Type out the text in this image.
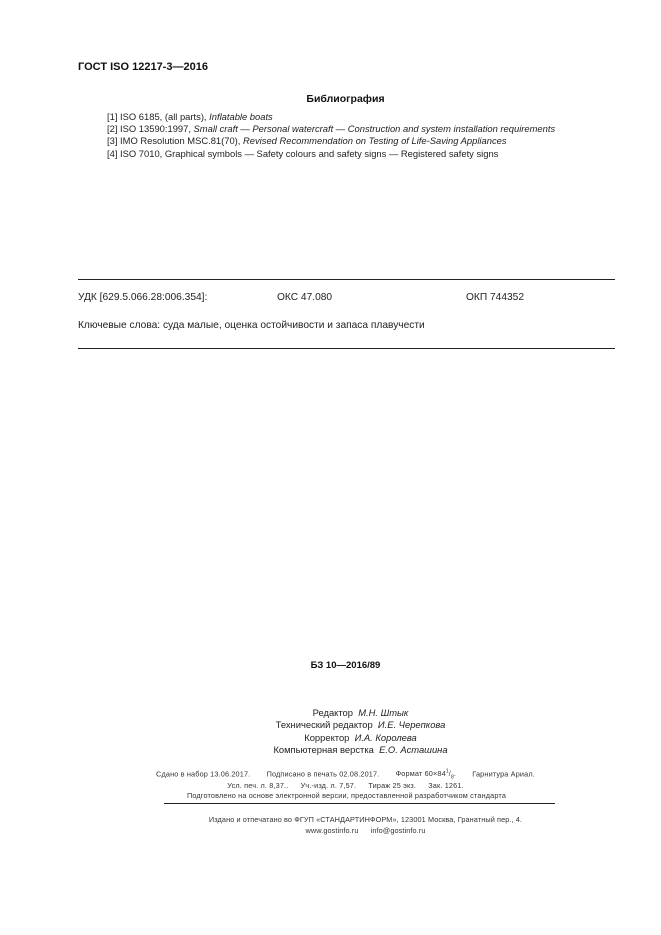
ГОСТ ISO 12217-3—2016
Библиография
[1] ISO 6185, (all parts), Inflatable boats
[2] ISO 13590:1997, Small craft — Personal watercraft — Construction and system installation requirements
[3] IMO Resolution MSC.81(70), Revised Recommendation on Testing of Life-Saving Appliances
[4] ISO 7010, Graphical symbols — Safety colours and safety signs — Registered safety signs
УДК [629.5.066.28:006.354]:	ОКС 47.080	ОКП 744352
Ключевые слова: суда малые, оценка остойчивости и запаса плавучести
БЗ 10—2016/89
Редактор М.Н. Штык
Технический редактор И.Е. Черепкова
Корректор И.А. Королева
Компьютерная верстка Е.О. Асташина
Сдано в набор 13.06.2017. Подписано в печать 02.08.2017. Формат $60\times 84^1/_8$. Гарнитура Ариал.
Усл. печ. л. 8,37.. Уч.-изд. л. 7,57. Тираж 25 экз. Зак. 1261.
Подготовлено на основе электронной версии, предоставленной разработчиком стандарта
Издано и отпечатано во ФГУП «СТАНДАРТИНФОРМ», 123001 Москва, Гранатный пер., 4.
www.gostinfo.ru info@gostinfo.ru
